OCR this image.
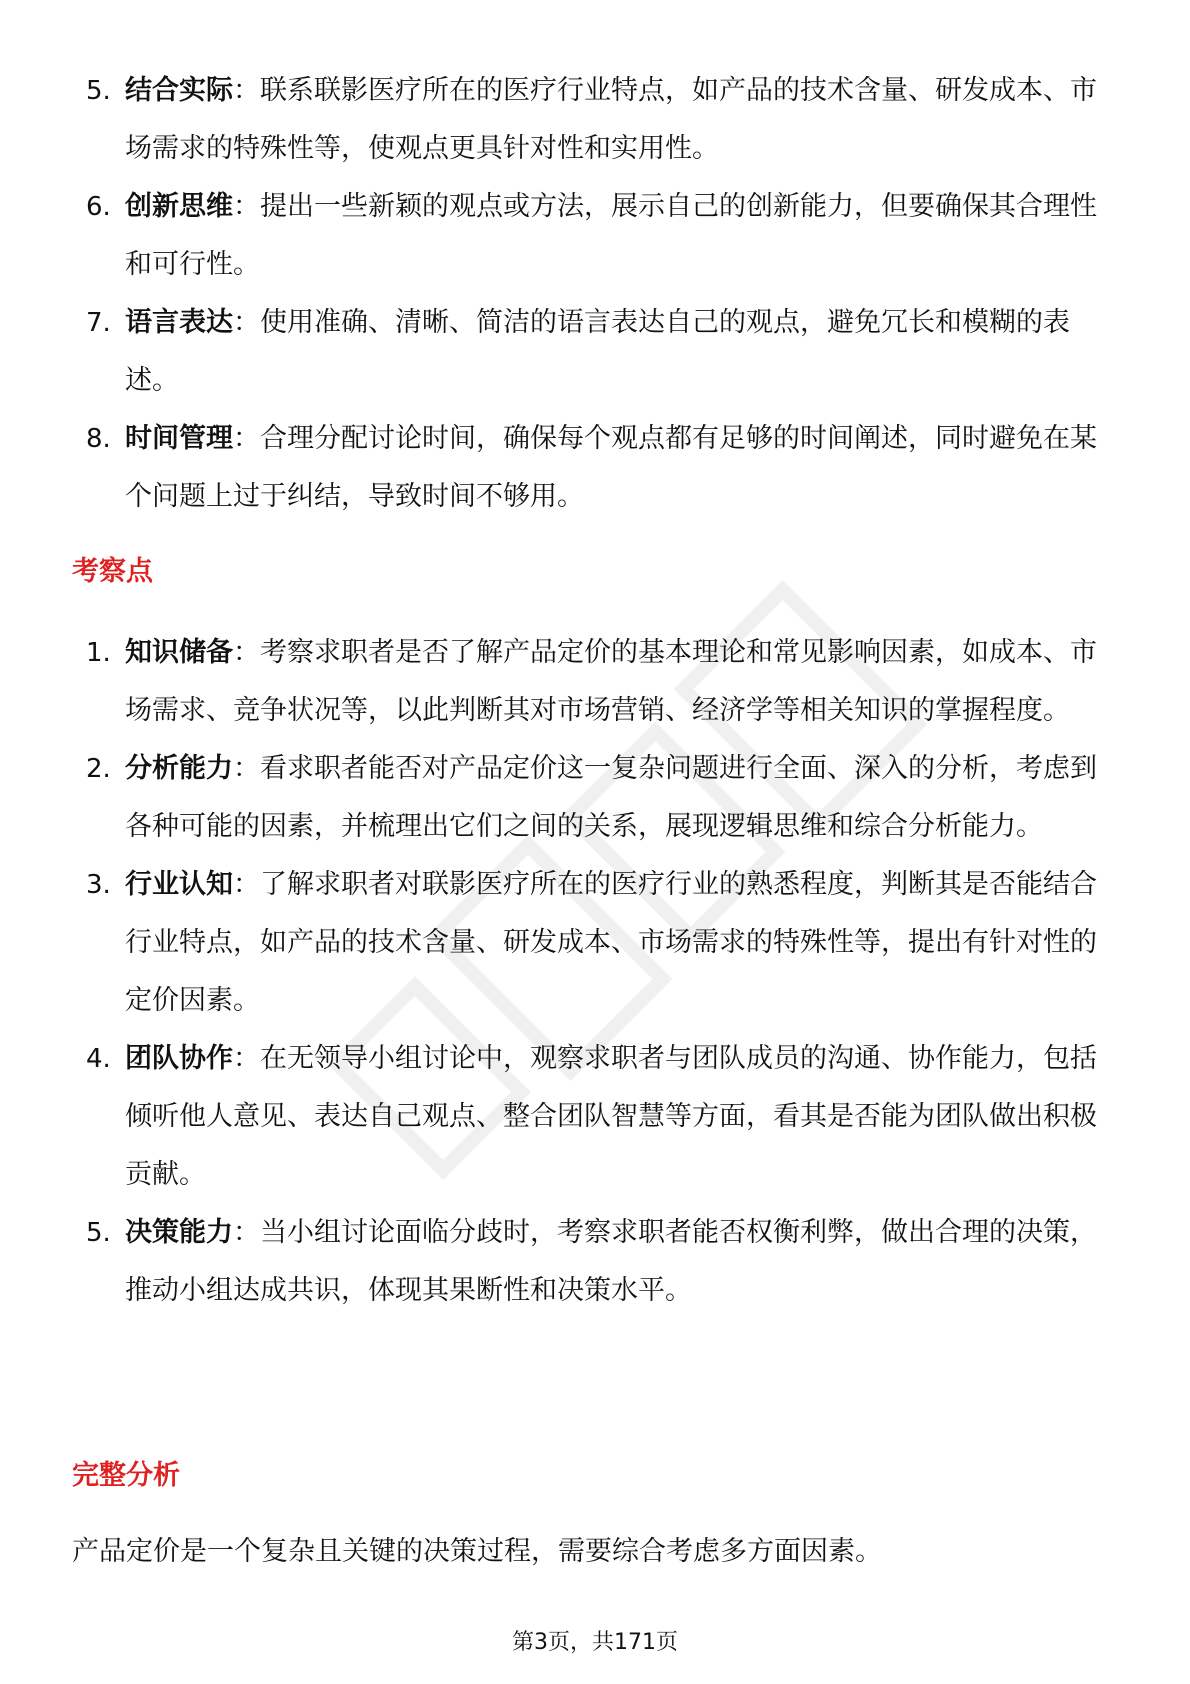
5. 结合实际：联系联影医疗所在的医疗行业特点，如产品的技术含量、研发成本、市场需求的特殊性等，使观点更具针对性和实用性。
6. 创新思维：提出一些新颖的观点或方法，展示自己的创新能力，但要确保其合理性和可行性。
7. 语言表达：使用准确、清晰、简洁的语言表达自己的观点，避免冗长和模糊的表述。
8. 时间管理：合理分配讨论时间，确保每个观点都有足够的时间阐述，同时避免在某个问题上过于纠结，导致时间不够用。
考察点
1. 知识储备：考察求职者是否了解产品定价的基本理论和常见影响因素，如成本、市场需求、竞争状况等，以此判断其对市场营销、经济学等相关知识的掌握程度。
2. 分析能力：看求职者能否对产品定价这一复杂问题进行全面、深入的分析，考虑到各种可能的因素，并梳理出它们之间的关系，展现逻辑思维和综合分析能力。
3. 行业认知：了解求职者对联影医疗所在的医疗行业的熟悉程度，判断其是否能结合行业特点，如产品的技术含量、研发成本、市场需求的特殊性等，提出有针对性的定价因素。
4. 团队协作：在无领导小组讨论中，观察求职者与团队成员的沟通、协作能力，包括倾听他人意见、表达自己观点、整合团队智慧等方面，看其是否能为团队做出积极贡献。
5. 决策能力：当小组讨论面临分歧时，考察求职者能否权衡利弊，做出合理的决策，推动小组达成共识，体现其果断性和决策水平。
完整分析
产品定价是一个复杂且关键的决策过程，需要综合考虑多方面因素。
第3页，共171页
